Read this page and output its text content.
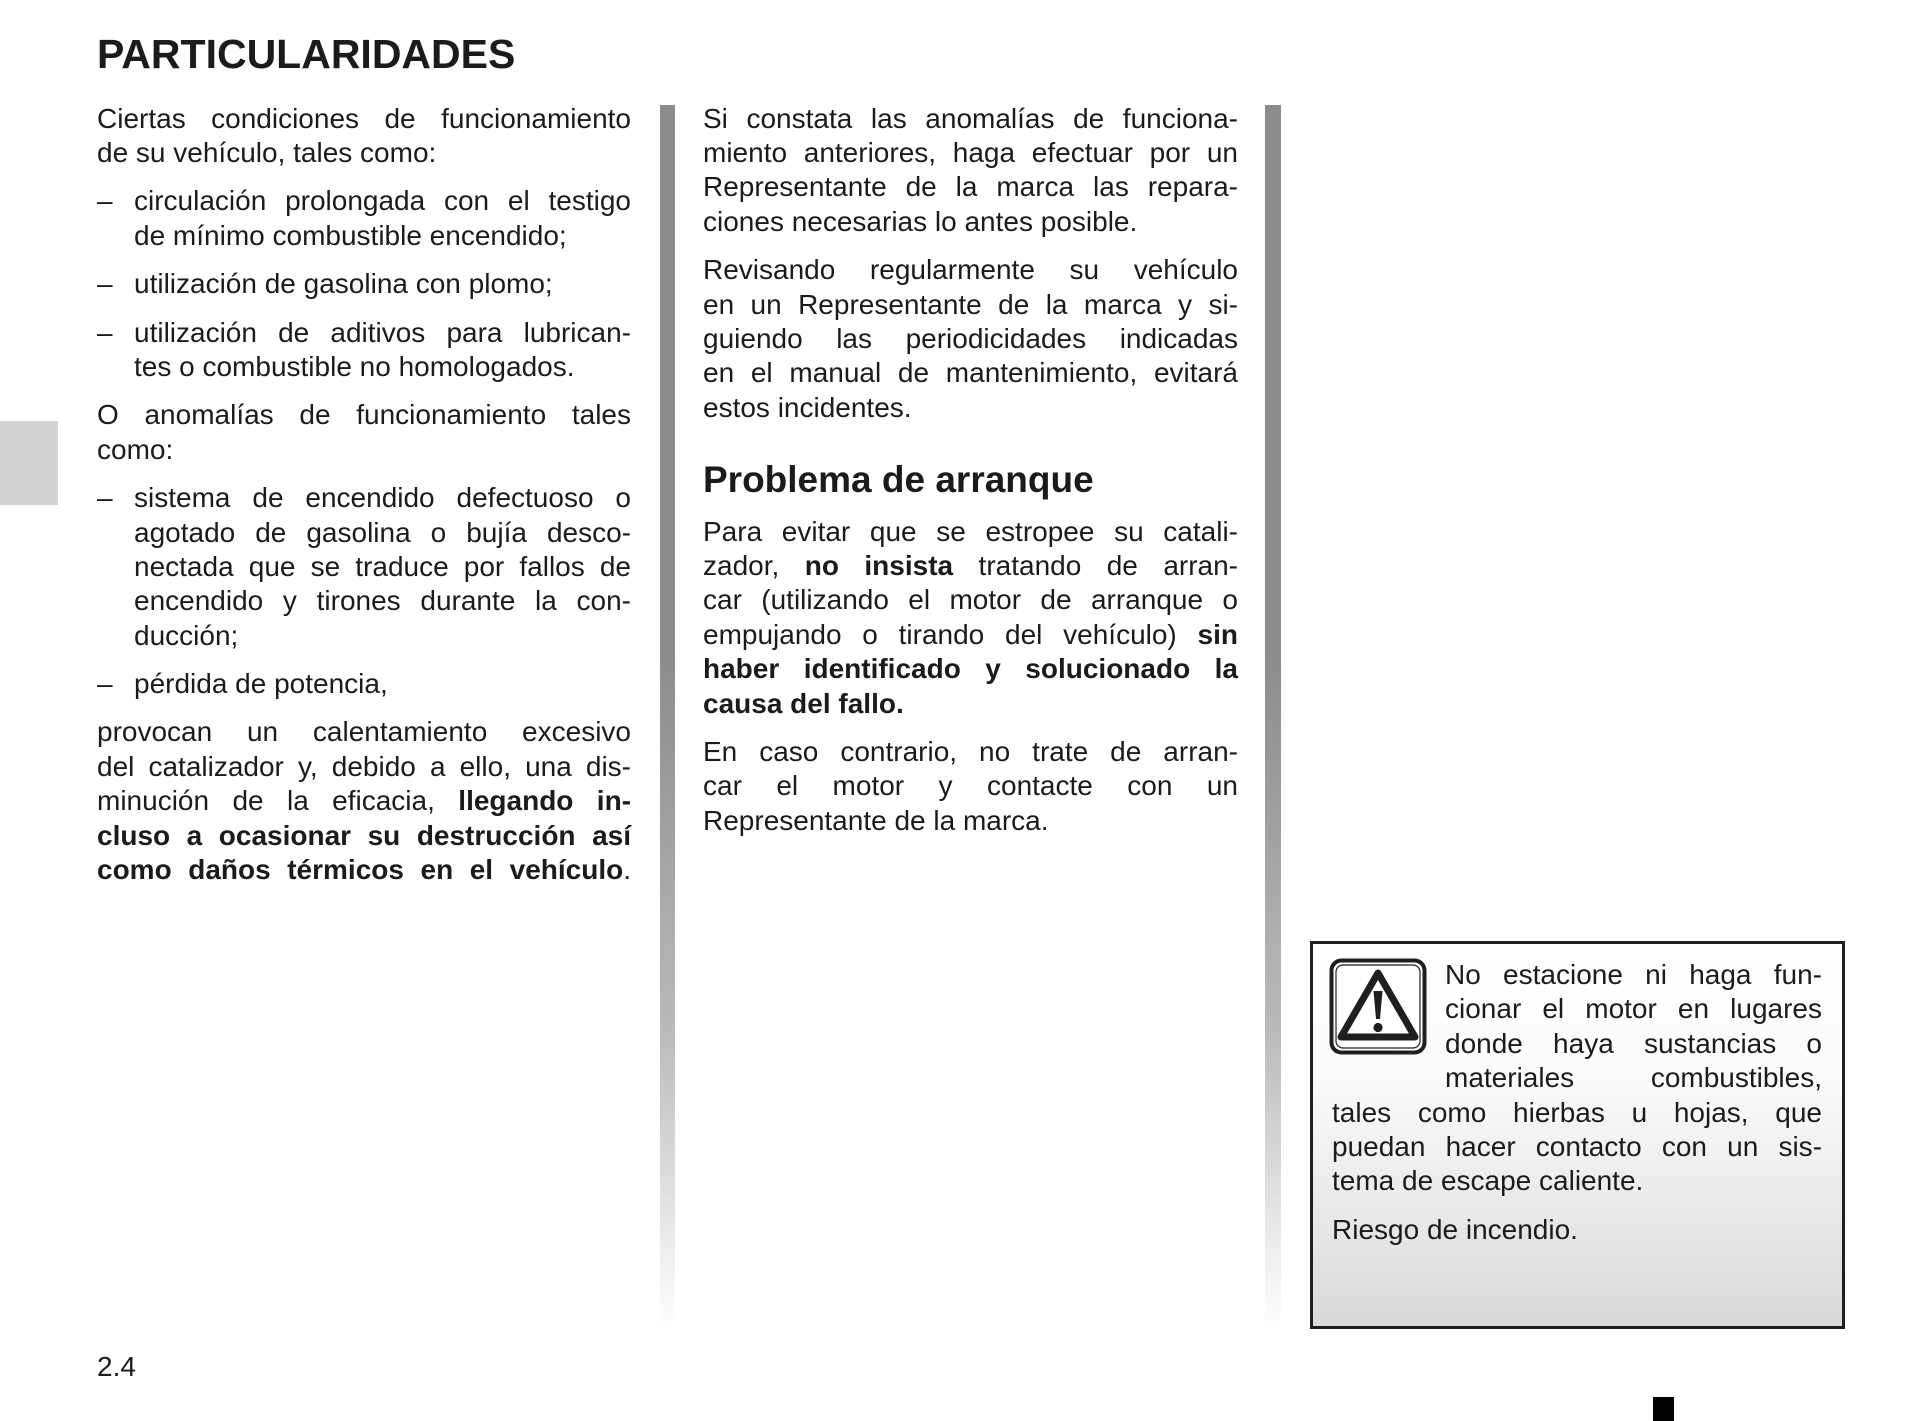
PARTICULARIDADES
Ciertas condiciones de funcionamiento
de su vehículo, tales como:
– circulación prolongada con el testigo
de mínimo combustible encendido;
– utilización de gasolina con plomo;
– utilización de aditivos para lubrican-
tes o combustible no homologados.
O anomalías de funcionamiento tales
como:
– sistema de encendido defectuoso o
agotado de gasolina o bujía desco-
nectada que se traduce por fallos de
encendido y tirones durante la con-
ducción;
– pérdida de potencia,
provocan un calentamiento excesivo
del catalizador y, debido a ello, una dis-
minución de la eficacia, llegando in-
cluso a ocasionar su destrucción así
como daños térmicos en el vehículo.
Si constata las anomalías de funciona-
miento anteriores, haga efectuar por un
Representante de la marca las repara-
ciones necesarias lo antes posible.
Revisando regularmente su vehículo
en un Representante de la marca y si-
guiendo las periodicidades indicadas
en el manual de mantenimiento, evitará
estos incidentes.
Problema de arranque
Para evitar que se estropee su catali-
zador, no insista tratando de arran-
car (utilizando el motor de arranque o
empujando o tirando del vehículo) sin
haber identificado y solucionado la
causa del fallo.
En caso contrario, no trate de arran-
car el motor y contacte con un
Representante de la marca.
No estacione ni haga fun-
cionar el motor en lugares
donde haya sustancias o
materiales combustibles,
tales como hierbas u hojas, que
puedan hacer contacto con un sis-
tema de escape caliente.
Riesgo de incendio.
2.4
